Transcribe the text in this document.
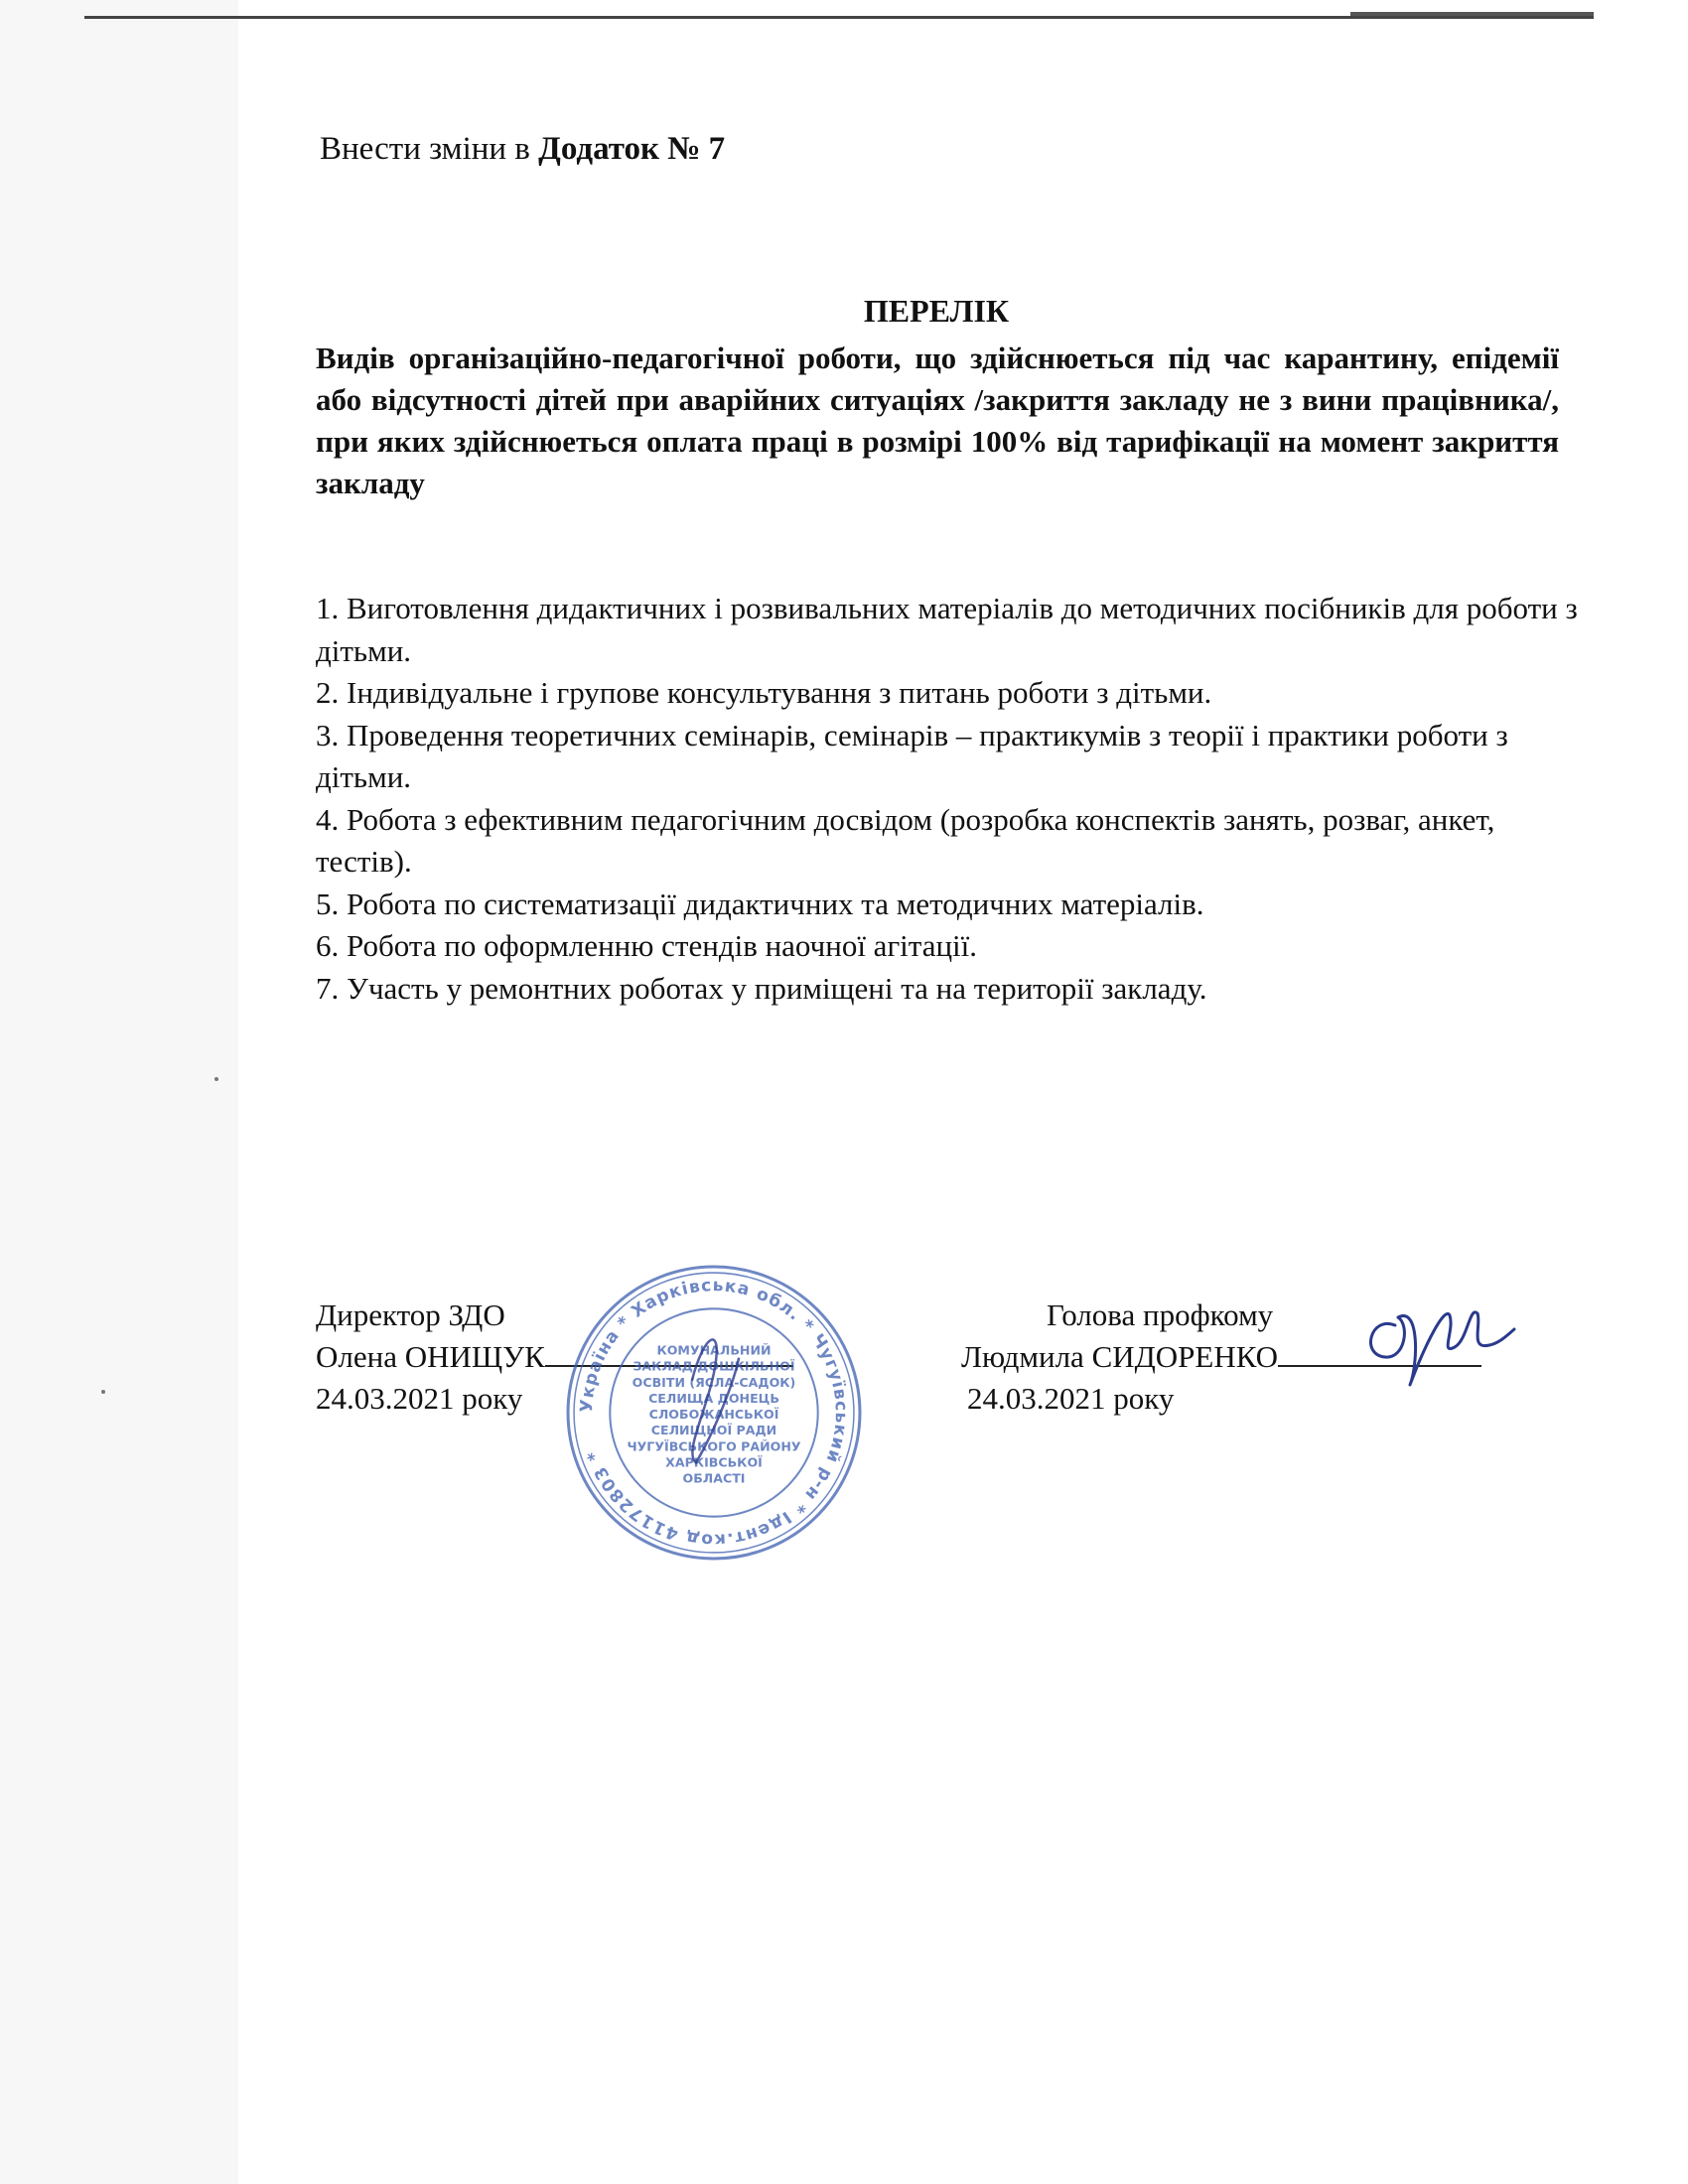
Внести зміни в Додаток № 7
ПЕРЕЛІК
Видів організаційно-педагогічної роботи, що здійснюеться під час карантину, епідемії або відсутності дітей при аварійних ситуаціях /закриття закладу не з вини працівника/, при яких здійснюеться оплата праці в розмірі 100% від тарифікації на момент закриття закладу

1. Виготовлення дидактичних і розвивальних матеріалів до методичних посібників для роботи з дітьми.

2. Індивідуальне і групове консультування з питань роботи з дітьми.

3. Проведення теоретичних семінарів, семінарів – практикумів з теорії і практики роботи з дітьми.

4. Робота з ефективним педагогічним досвідом (розробка конспектів занять, розваг, анкет, тестів).

5. Робота по систематизації дидактичних та методичних матеріалів.

6. Робота по оформленню стендів наочної агітації.

7. Участь у ремонтних роботах у приміщені та на території закладу.

Директор ЗДО
Олена ОНИЩУК
24.03.2021 року
Голова профкому
Людмила СИДОРЕНКО
24.03.2021 року
Україна * Харківська обл. * Чугуївський р-н * Ідент.код 41172803 *
КОМУНАЛЬНИЙ
ЗАКЛАД ДОШКІЛЬНОЇ
ОСВІТИ (ЯСЛА-САДОК)
СЕЛИЩА ДОНЕЦЬ
СЛОБОЖАНСЬКОЇ
СЕЛИЩНОЇ РАДИ
ЧУГУЇВСЬКОГО РАЙОНУ
ХАРКІВСЬКОЇ
ОБЛАСТІ
